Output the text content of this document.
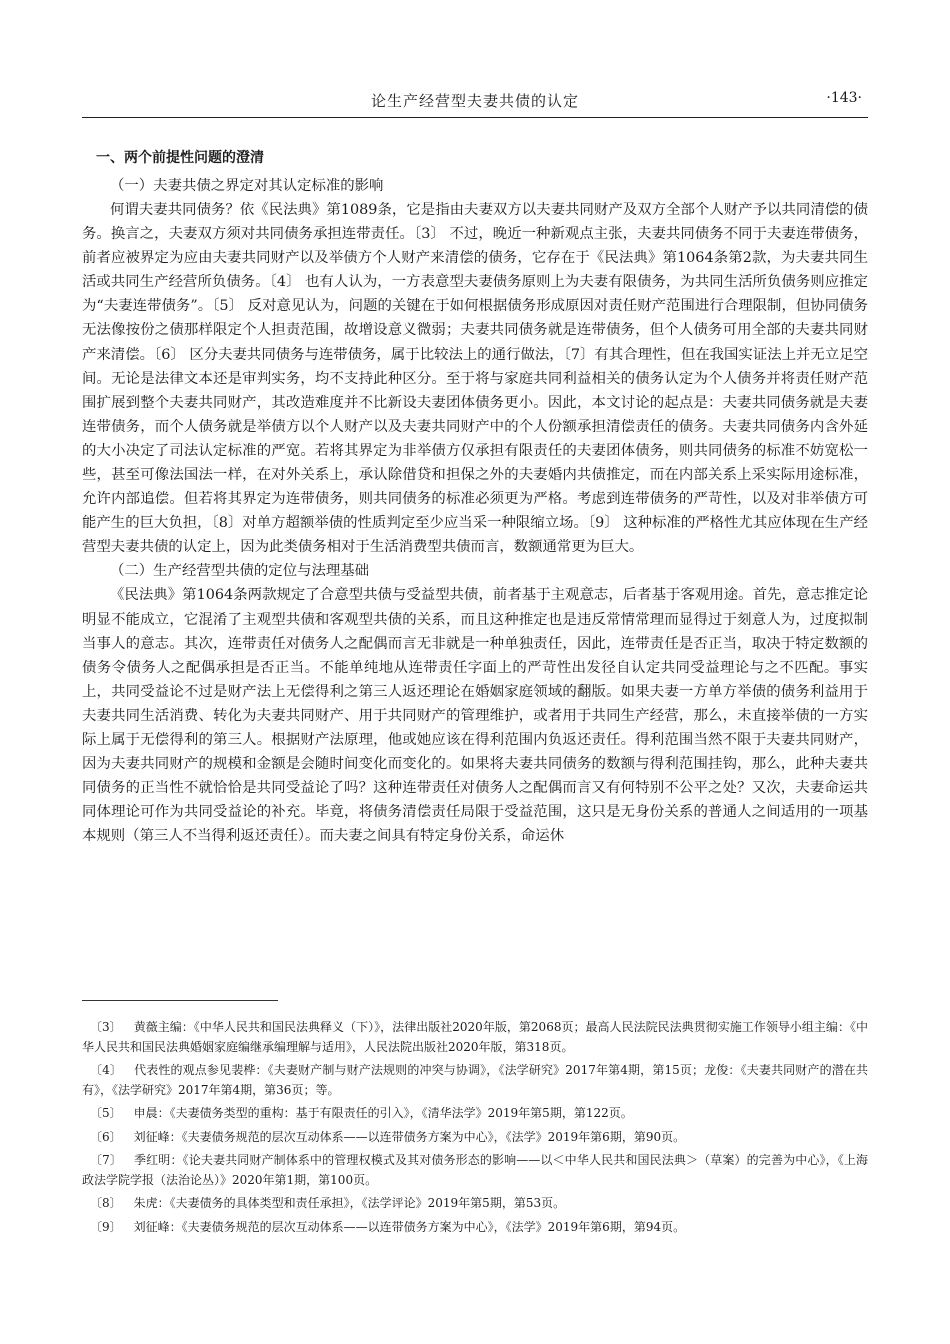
论生产经营型夫妻共债的认定	·143·
一、两个前提性问题的澄清

（一）夫妻共债之界定对其认定标准的影响

何谓夫妻共同债务？依《民法典》第1089条，它是指由夫妻双方以夫妻共同财产及双方全部个人财产予以共同清偿的债务。换言之，夫妻双方须对共同债务承担连带责任。〔3〕 不过，晚近一种新观点主张，夫妻共同债务不同于夫妻连带债务，前者应被界定为应由夫妻共同财产以及举债方个人财产来清偿的债务，它存在于《民法典》第1064条第2款，为夫妻共同生活或共同生产经营所负债务。〔4〕 也有人认为，一方表意型夫妻债务原则上为夫妻有限债务，为共同生活所负债务则应推定为“夫妻连带债务”。〔5〕 反对意见认为，问题的关键在于如何根据债务形成原因对责任财产范围进行合理限制，但协同债务无法像按份之债那样限定个人担责范围，故增设意义微弱；夫妻共同债务就是连带债务，但个人债务可用全部的夫妻共同财产来清偿。〔6〕 区分夫妻共同债务与连带债务，属于比较法上的通行做法，〔7〕有其合理性，但在我国实证法上并无立足空间。无论是法律文本还是审判实务，均不支持此种区分。至于将与家庭共同利益相关的债务认定为个人债务并将责任财产范围扩展到整个夫妻共同财产，其改造难度并不比新设夫妻团体债务更小。因此，本文讨论的起点是：夫妻共同债务就是夫妻连带债务，而个人债务就是举债方以个人财产以及夫妻共同财产中的个人份额承担清偿责任的债务。夫妻共同债务内含外延的大小决定了司法认定标准的严宽。若将其界定为非举债方仅承担有限责任的夫妻团体债务，则共同债务的标准不妨宽松一些，甚至可像法国法一样，在对外关系上，承认除借贷和担保之外的夫妻婚内共债推定，而在内部关系上采实际用途标准，允许内部追偿。但若将其界定为连带债务，则共同债务的标准必须更为严格。考虑到连带债务的严苛性，以及对非举债方可能产生的巨大负担，〔8〕对单方超额举债的性质判定至少应当采一种限缩立场。〔9〕 这种标准的严格性尤其应体现在生产经营型夫妻共债的认定上，因为此类债务相对于生活消费型共债而言，数额通常更为巨大。

（二）生产经营型共债的定位与法理基础

《民法典》第1064条两款规定了合意型共债与受益型共债，前者基于主观意志，后者基于客观用途。首先，意志推定论明显不能成立，它混淆了主观型共债和客观型共债的关系，而且这种推定也是违反常情常理而显得过于刻意人为，过度拟制当事人的意志。其次，连带责任对债务人之配偶而言无非就是一种单独责任，因此，连带责任是否正当，取决于特定数额的债务令债务人之配偶承担是否正当。不能单纯地从连带责任字面上的严苛性出发径自认定共同受益理论与之不匹配。事实上，共同受益论不过是财产法上无偿得利之第三人返还理论在婚姻家庭领域的翻版。如果夫妻一方单方举债的债务利益用于夫妻共同生活消费、转化为夫妻共同财产、用于共同财产的管理维护，或者用于共同生产经营，那么，未直接举债的一方实际上属于无偿得利的第三人。根据财产法原理，他或她应该在得利范围内负返还责任。得利范围当然不限于夫妻共同财产，因为夫妻共同财产的规模和金额是会随时间变化而变化的。如果将夫妻共同债务的数额与得利范围挂钩，那么，此种夫妻共同债务的正当性不就恰恰是共同受益论了吗？这种连带责任对债务人之配偶而言又有何特别不公平之处？又次，夫妻命运共同体理论可作为共同受益论的补充。毕竟，将债务清偿责任局限于受益范围，这只是无身份关系的普通人之间适用的一项基本规则（第三人不当得利返还责任）。而夫妻之间具有特定身份关系，命运休

〔3〕 黄薇主编：《中华人民共和国民法典释义（下）》，法律出版社2020年版，第2068页；最高人民法院民法典贯彻实施工作领导小组主编：《中华人民共和国民法典婚姻家庭编继承编理解与适用》，人民法院出版社2020年版，第318页。

〔4〕 代表性的观点参见裴桦：《夫妻财产制与财产法规则的冲突与协调》，《法学研究》2017年第4期，第15页；龙俊：《夫妻共同财产的潜在共有》，《法学研究》2017年第4期，第36页；等。

〔5〕 申晨：《夫妻债务类型的重构：基于有限责任的引入》，《清华法学》2019年第5期，第122页。

〔6〕 刘征峰：《夫妻债务规范的层次互动体系——以连带债务方案为中心》，《法学》2019年第6期，第90页。

〔7〕 季红明：《论夫妻共同财产制体系中的管理权模式及其对债务形态的影响——以＜中华人民共和国民法典＞（草案）的完善为中心》，《上海政法学院学报（法治论丛）》2020年第1期，第100页。

〔8〕 朱虎：《夫妻债务的具体类型和责任承担》，《法学评论》2019年第5期，第53页。

〔9〕 刘征峰：《夫妻债务规范的层次互动体系——以连带债务方案为中心》，《法学》2019年第6期，第94页。
